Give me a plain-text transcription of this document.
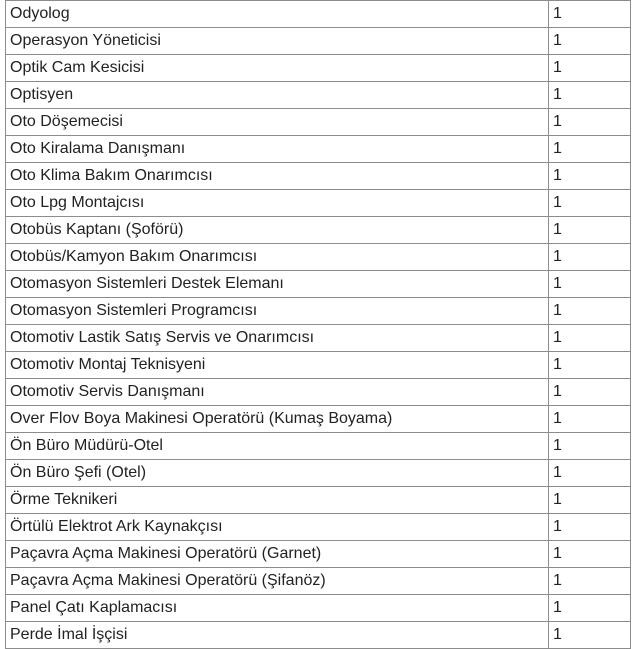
Odyolog	1
Operasyon Yöneticisi	1
Optik Cam Kesicisi	1
Optisyen	1
Oto Döşemecisi	1
Oto Kiralama Danışmanı	1
Oto Klima Bakım Onarımcısı	1
Oto Lpg Montajcısı	1
Otobüs Kaptanı (Şoförü)	1
Otobüs/Kamyon Bakım Onarımcısı	1
Otomasyon Sistemleri Destek Elemanı	1
Otomasyon Sistemleri Programcısı	1
Otomotiv Lastik Satış Servis ve Onarımcısı	1
Otomotiv Montaj Teknisyeni	1
Otomotiv Servis Danışmanı	1
Over Flov Boya Makinesi Operatörü (Kumaş Boyama)	1
Ön Büro Müdürü-Otel	1
Ön Büro Şefi (Otel)	1
Örme Teknikeri	1
Örtülü Elektrot Ark Kaynakçısı	1
Paçavra Açma Makinesi Operatörü (Garnet)	1
Paçavra Açma Makinesi Operatörü (Şifanöz)	1
Panel Çatı Kaplamacısı	1
Perde İmal İşçisi	1
